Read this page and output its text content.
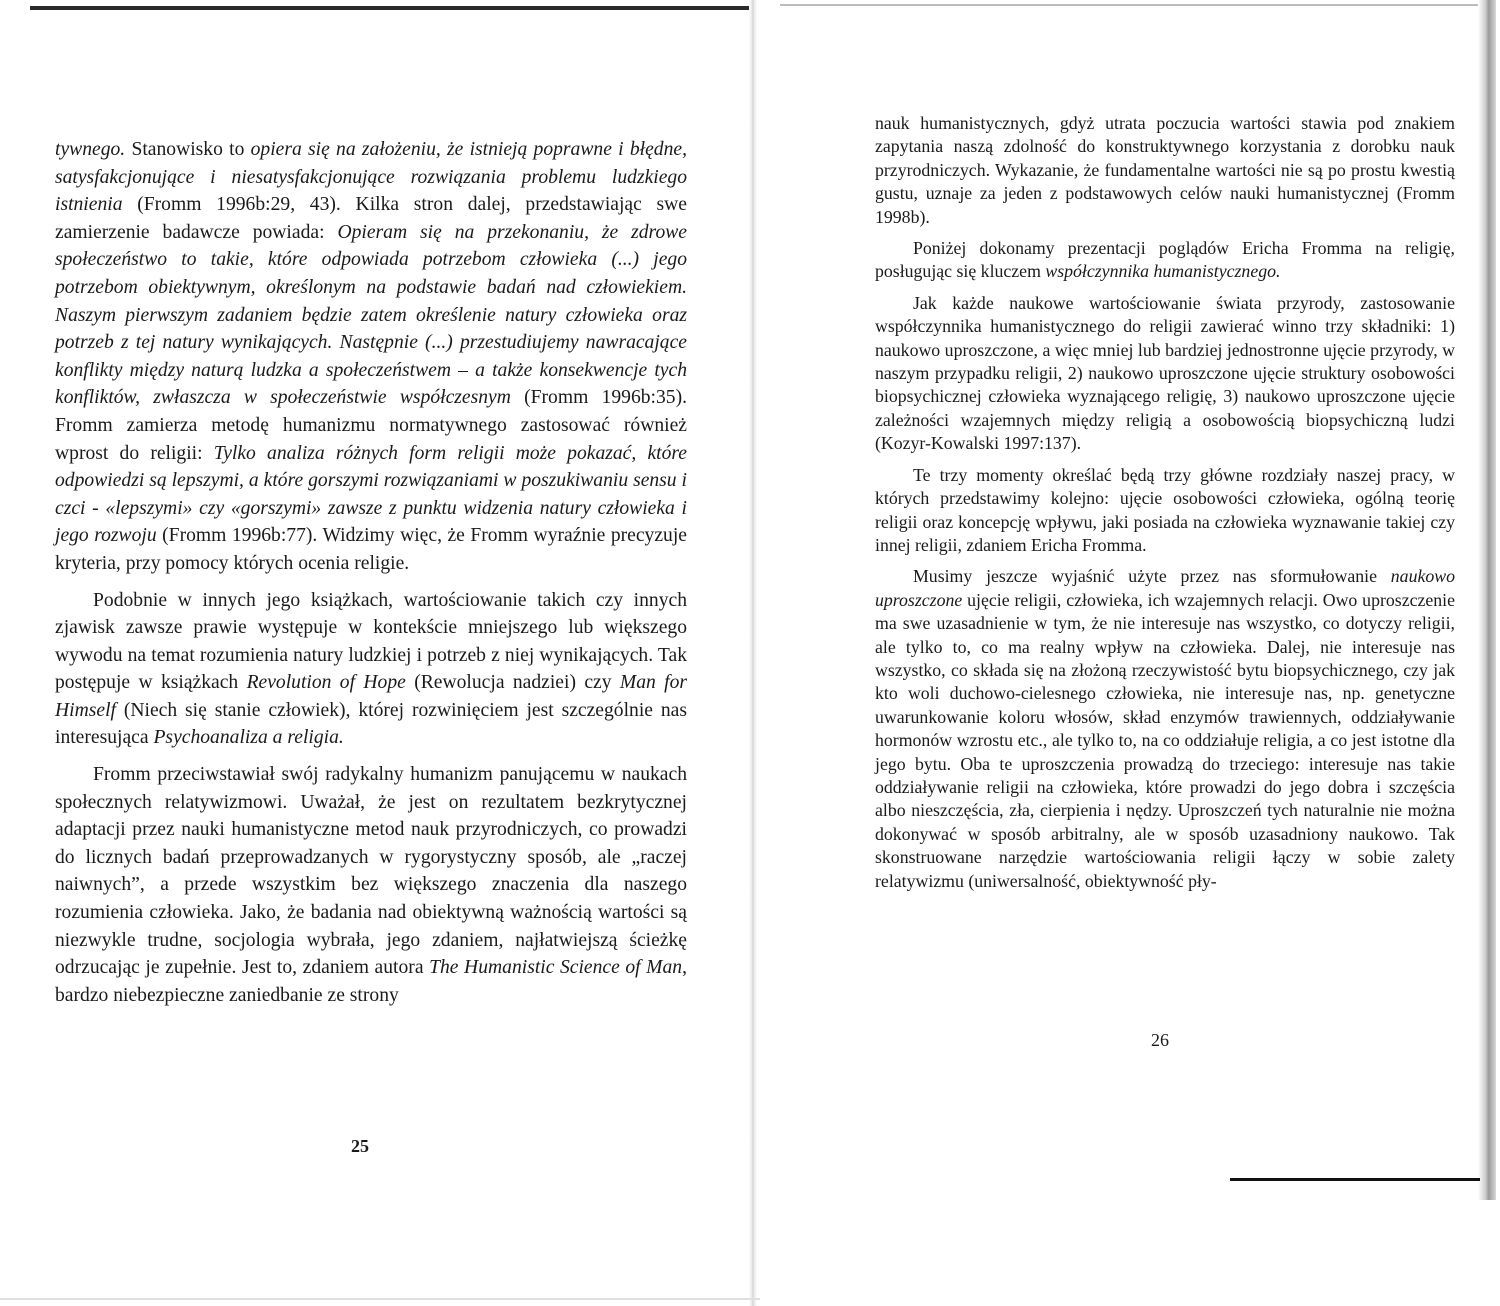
tywnego. Stanowisko to opiera się na założeniu, że istnieją poprawne i błędne, satysfakcjonujące i niesatysfakcjonujące rozwiązania problemu ludzkiego istnienia (Fromm 1996b:29, 43). Kilka stron dalej, przedstawiając swe zamierzenie badawcze powiada: Opieram się na przekonaniu, że zdrowe społeczeństwo to takie, które odpowiada potrzebom człowieka (...) jego potrzebom obiektywnym, określonym na podstawie badań nad człowiekiem. Naszym pierwszym zadaniem będzie zatem określenie natury człowieka oraz potrzeb z tej natury wynikających. Następnie (...) przestudiujemy nawracające konflikty między naturą ludzka a społeczeństwem – a także konsekwencje tych konfliktów, zwłaszcza w społeczeństwie współczesnym (Fromm 1996b:35). Fromm zamierza metodę humanizmu normatywnego zastosować również wprost do religii: Tylko analiza różnych form religii może pokazać, które odpowiedzi są lepszymi, a które gorszymi rozwiązaniami w poszukiwaniu sensu i czci - «lepszymi» czy «gorszymi» zawsze z punktu widzenia natury człowieka i jego rozwoju (Fromm 1996b:77). Widzimy więc, że Fromm wyraźnie precyzuje kryteria, przy pomocy których ocenia religie.

Podobnie w innych jego książkach, wartościowanie takich czy innych zjawisk zawsze prawie występuje w kontekście mniejszego lub większego wywodu na temat rozumienia natury ludzkiej i potrzeb z niej wynikających. Tak postępuje w książkach Revolution of Hope (Rewolucja nadziei) czy Man for Himself (Niech się stanie człowiek), której rozwinięciem jest szczególnie nas interesująca Psychoanaliza a religia.

Fromm przeciwstawiał swój radykalny humanizm panującemu w naukach społecznych relatywizmowi. Uważał, że jest on rezultatem bezkrytycznej adaptacji przez nauki humanistyczne metod nauk przyrodniczych, co prowadzi do licznych badań przeprowadzanych w rygorystyczny sposób, ale „raczej naiwnych”, a przede wszystkim bez większego znaczenia dla naszego rozumienia człowieka. Jako, że badania nad obiektywną ważnością wartości są niezwykle trudne, socjologia wybrała, jego zdaniem, najłatwiejszą ścieżkę odrzucając je zupełnie. Jest to, zdaniem autora The Humanistic Science of Man, bardzo niebezpieczne zaniedbanie ze strony

25

nauk humanistycznych, gdyż utrata poczucia wartości stawia pod znakiem zapytania naszą zdolność do konstruktywnego korzystania z dorobku nauk przyrodniczych. Wykazanie, że fundamentalne wartości nie są po prostu kwestią gustu, uznaje za jeden z podstawowych celów nauki humanistycznej (Fromm 1998b).

Poniżej dokonamy prezentacji poglądów Ericha Fromma na religię, posługując się kluczem współczynnika humanistycznego.

Jak każde naukowe wartościowanie świata przyrody, zastosowanie współczynnika humanistycznego do religii zawierać winno trzy składniki: 1) naukowo uproszczone, a więc mniej lub bardziej jednostronne ujęcie przyrody, w naszym przypadku religii, 2) naukowo uproszczone ujęcie struktury osobowości biopsychicznej człowieka wyznającego religię, 3) naukowo uproszczone ujęcie zależności wzajemnych między religią a osobowością biopsychiczną ludzi (Kozyr-Kowalski 1997:137).

Te trzy momenty określać będą trzy główne rozdziały naszej pracy, w których przedstawimy kolejno: ujęcie osobowości człowieka, ogólną teorię religii oraz koncepcję wpływu, jaki posiada na człowieka wyznawanie takiej czy innej religii, zdaniem Ericha Fromma.

Musimy jeszcze wyjaśnić użyte przez nas sformułowanie naukowo uproszczone ujęcie religii, człowieka, ich wzajemnych relacji. Owo uproszczenie ma swe uzasadnienie w tym, że nie interesuje nas wszystko, co dotyczy religii, ale tylko to, co ma realny wpływ na człowieka. Dalej, nie interesuje nas wszystko, co składa się na złożoną rzeczywistość bytu biopsychicznego, czy jak kto woli duchowo-cielesnego człowieka, nie interesuje nas, np. genetyczne uwarunkowanie koloru włosów, skład enzymów trawiennych, oddziaływanie hormonów wzrostu etc., ale tylko to, na co oddziałuje religia, a co jest istotne dla jego bytu. Oba te uproszczenia prowadzą do trzeciego: interesuje nas takie oddziaływanie religii na człowieka, które prowadzi do jego dobra i szczęścia albo nieszczęścia, zła, cierpienia i nędzy. Uproszczeń tych naturalnie nie można dokonywać w sposób arbitralny, ale w sposób uzasadniony naukowo. Tak skonstruowane narzędzie wartościowania religii łączy w sobie zalety relatywizmu (uniwersalność, obiektywność pły-

26
